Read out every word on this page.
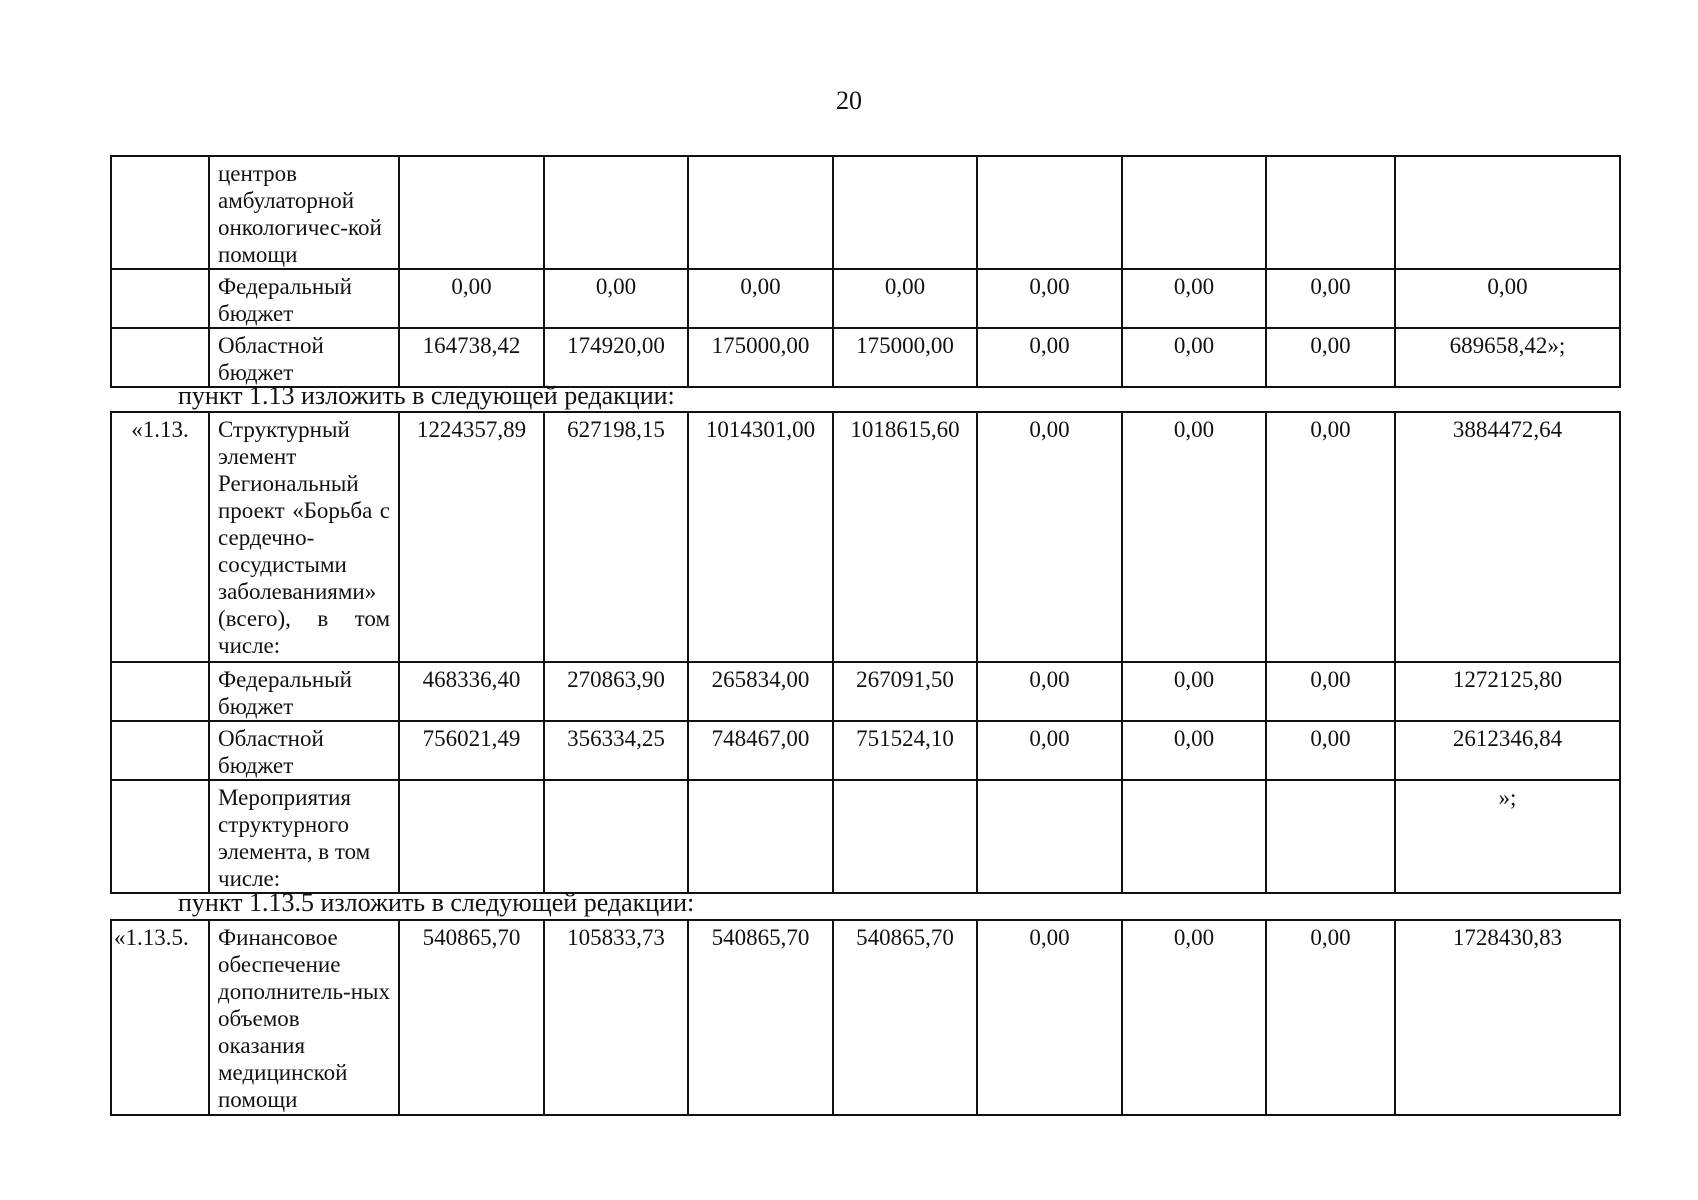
20
	центров амбулаторной онкологичес-кой помощи								
	Федеральный бюджет	0,00	0,00	0,00	0,00	0,00	0,00	0,00	0,00
	Областной бюджет	164738,42	174920,00	175000,00	175000,00	0,00	0,00	0,00	689658,42»;
пункт 1.13 изложить в следующей редакции:
«1.13.	Структурный элемент Региональный проект «Борьба с сердечно-сосудистыми заболеваниями» (всего), в том числе:	1224357,89	627198,15	1014301,00	1018615,60	0,00	0,00	0,00	3884472,64
	Федеральный бюджет	468336,40	270863,90	265834,00	267091,50	0,00	0,00	0,00	1272125,80
	Областной бюджет	756021,49	356334,25	748467,00	751524,10	0,00	0,00	0,00	2612346,84
	Мероприятия структурного элемента, в том числе:								»;
пункт 1.13.5 изложить в следующей редакции:
«1.13.5.	Финансовое обеспечение дополнитель-ных объемов оказания медицинской помощи	540865,70	105833,73	540865,70	540865,70	0,00	0,00	0,00	1728430,83
